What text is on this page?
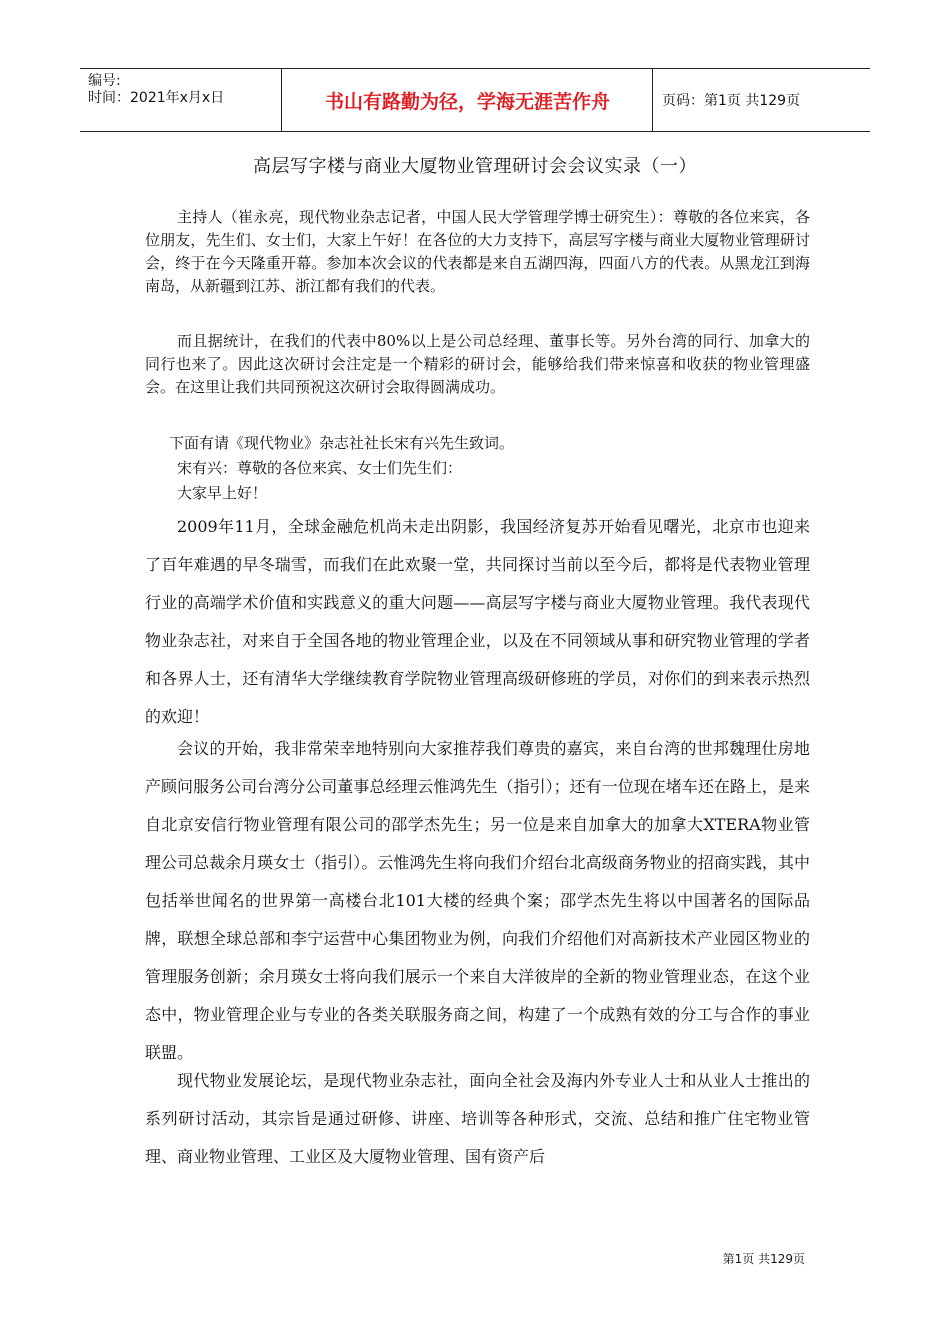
编号:
时间：2021年x月x日	书山有路勤为径，学海无涯苦作舟	页码：第1页 共129页
高层写字楼与商业大厦物业管理研讨会会议实录（一）

主持人（崔永亮，现代物业杂志记者，中国人民大学管理学博士研究生）：尊敬的各位来宾，各位朋友，先生们、女士们，大家上午好！在各位的大力支持下，高层写字楼与商业大厦物业管理研讨会，终于在今天隆重开幕。参加本次会议的代表都是来自五湖四海，四面八方的代表。从黑龙江到海南岛，从新疆到江苏、浙江都有我们的代表。

而且据统计，在我们的代表中80%以上是公司总经理、董事长等。另外台湾的同行、加拿大的同行也来了。因此这次研讨会注定是一个精彩的研讨会，能够给我们带来惊喜和收获的物业管理盛会。在这里让我们共同预祝这次研讨会取得圆满成功。

下面有请《现代物业》杂志社社长宋有兴先生致词。

宋有兴：尊敬的各位来宾、女士们先生们：

大家早上好！

2009年11月，全球金融危机尚未走出阴影，我国经济复苏开始看见曙光，北京市也迎来了百年难遇的早冬瑞雪，而我们在此欢聚一堂，共同探讨当前以至今后，都将是代表物业管理行业的高端学术价值和实践意义的重大问题——高层写字楼与商业大厦物业管理。我代表现代物业杂志社，对来自于全国各地的物业管理企业，以及在不同领域从事和研究物业管理的学者和各界人士，还有清华大学继续教育学院物业管理高级研修班的学员，对你们的到来表示热烈的欢迎！

会议的开始，我非常荣幸地特别向大家推荐我们尊贵的嘉宾，来自台湾的世邦魏理仕房地产顾问服务公司台湾分公司董事总经理云惟鸿先生（指引）；还有一位现在堵车还在路上，是来自北京安信行物业管理有限公司的邵学杰先生；另一位是来自加拿大的加拿大XTERA物业管理公司总裁余月瑛女士（指引）。云惟鸿先生将向我们介绍台北高级商务物业的招商实践，其中包括举世闻名的世界第一高楼台北101大楼的经典个案；邵学杰先生将以中国著名的国际品牌，联想全球总部和李宁运营中心集团物业为例，向我们介绍他们对高新技术产业园区物业的管理服务创新；余月瑛女士将向我们展示一个来自大洋彼岸的全新的物业管理业态，在这个业态中，物业管理企业与专业的各类关联服务商之间，构建了一个成熟有效的分工与合作的事业联盟。

现代物业发展论坛，是现代物业杂志社，面向全社会及海内外专业人士和从业人士推出的系列研讨活动，其宗旨是通过研修、讲座、培训等各种形式，交流、总结和推广住宅物业管理、商业物业管理、工业区及大厦物业管理、国有资产后

第1页 共129页
